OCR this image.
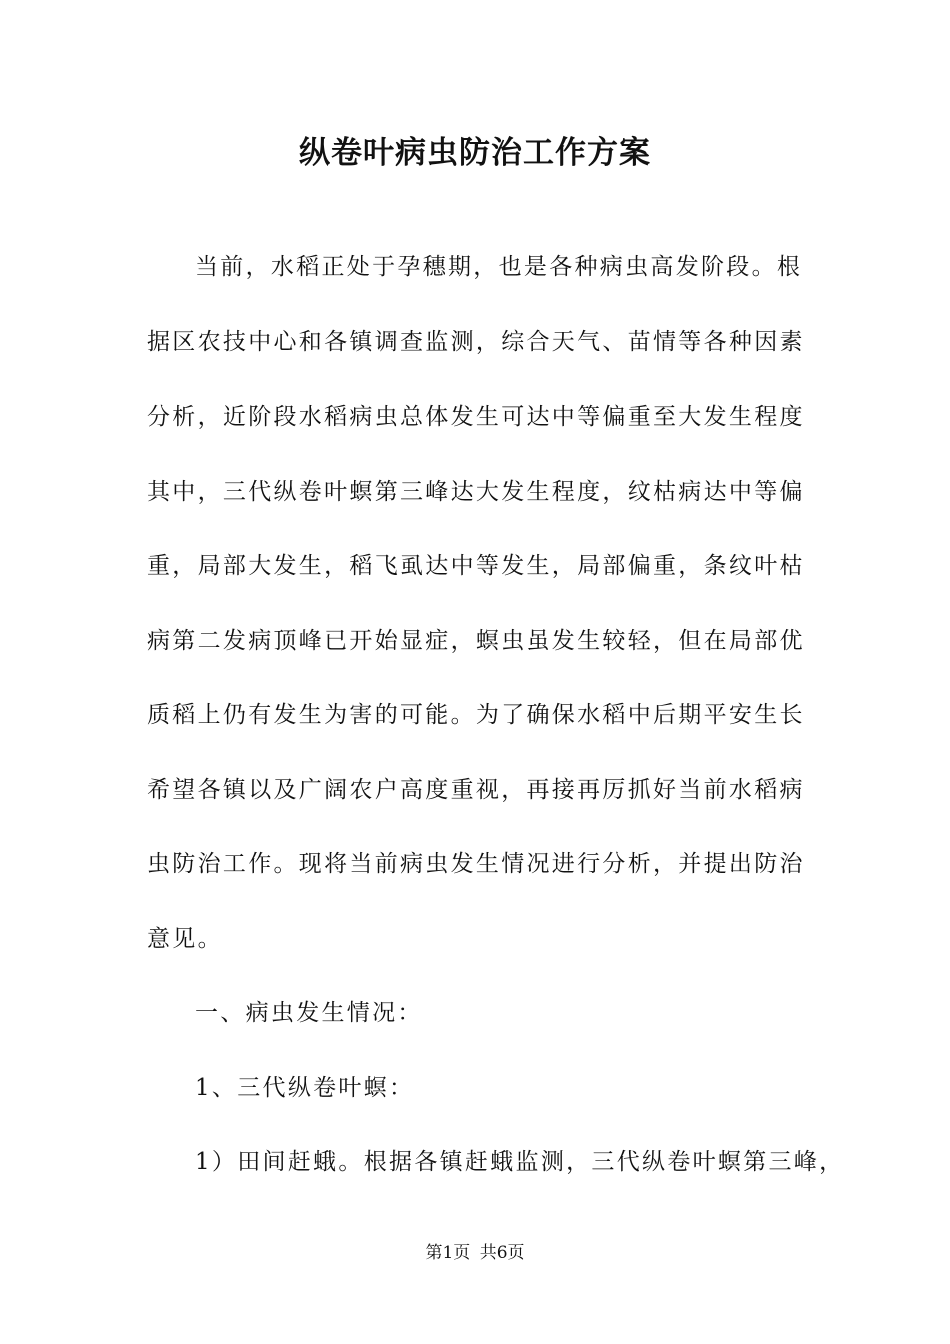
纵卷叶病虫防治工作方案
当前，水稻正处于孕穗期，也是各种病虫高发阶段。根
据区农技中心和各镇调查监测，综合天气、苗情等各种因素
分析，近阶段水稻病虫总体发生可达中等偏重至大发生程度
其中，三代纵卷叶螟第三峰达大发生程度，纹枯病达中等偏
重，局部大发生，稻飞虱达中等发生，局部偏重，条纹叶枯
病第二发病顶峰已开始显症，螟虫虽发生较轻，但在局部优
质稻上仍有发生为害的可能。为了确保水稻中后期平安生长
希望各镇以及广阔农户高度重视，再接再厉抓好当前水稻病
虫防治工作。现将当前病虫发生情况进行分析，并提出防治
意见。
一、病虫发生情况：
1、三代纵卷叶螟：
1）田间赶蛾。根据各镇赶蛾监测，三代纵卷叶螟第三峰，
第1页 共6页
